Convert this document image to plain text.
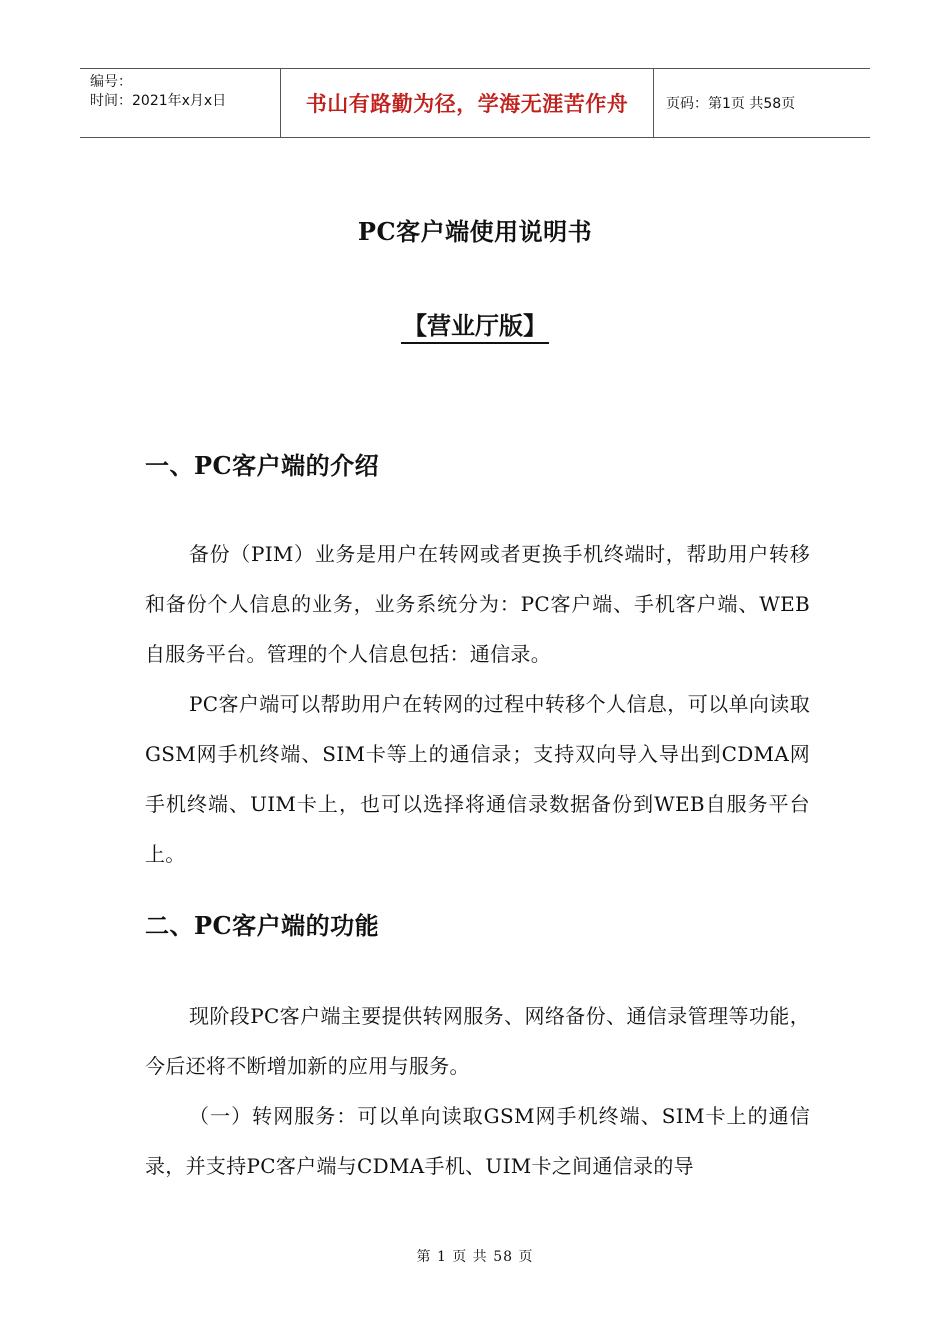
编号：
时间：2021年x月x日	书山有路勤为径，学海无涯苦作舟	页码：第1页 共58页
PC客户端使用说明书
【营业厅版】
一、PC客户端的介绍

备份（PIM）业务是用户在转网或者更换手机终端时，帮助用户转移和备份个人信息的业务，业务系统分为：PC客户端、手机客户端、WEB自服务平台。管理的个人信息包括：通信录。

PC客户端可以帮助用户在转网的过程中转移个人信息，可以单向读取GSM网手机终端、SIM卡等上的通信录；支持双向导入导出到CDMA网手机终端、UIM卡上，也可以选择将通信录数据备份到WEB自服务平台上。

二、PC客户端的功能

现阶段PC客户端主要提供转网服务、网络备份、通信录管理等功能，今后还将不断增加新的应用与服务。

（一）转网服务：可以单向读取GSM网手机终端、SIM卡上的通信录，并支持PC客户端与CDMA手机、UIM卡之间通信录的导

第 1 页 共 58 页
